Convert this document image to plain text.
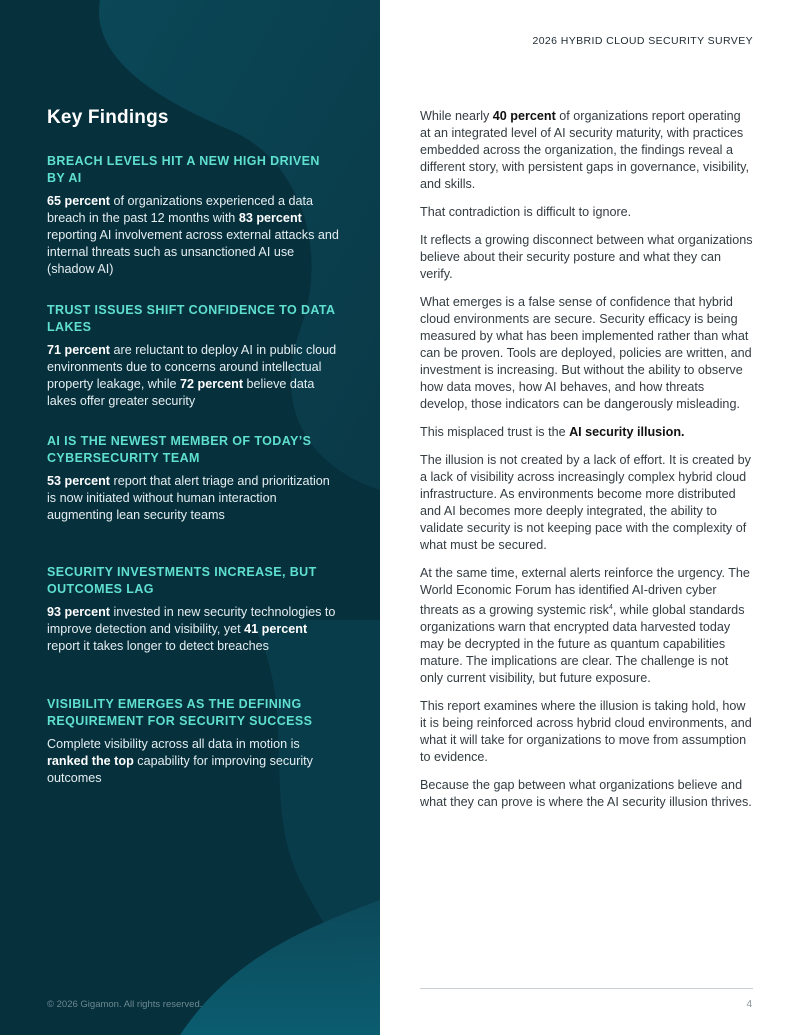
Key Findings
BREACH LEVELS HIT A NEW HIGH DRIVEN BY AI

65 percent of organizations experienced a data breach in the past 12 months with 83 percent reporting AI involvement across external attacks and internal threats such as unsanctioned AI use (shadow AI)

TRUST ISSUES SHIFT CONFIDENCE TO DATA LAKES

71 percent are reluctant to deploy AI in public cloud environments due to concerns around intellectual property leakage, while 72 percent believe data lakes offer greater security

AI IS THE NEWEST MEMBER OF TODAY’S CYBERSECURITY TEAM

53 percent report that alert triage and prioritization is now initiated without human interaction augmenting lean security teams

SECURITY INVESTMENTS INCREASE, BUT OUTCOMES LAG

93 percent invested in new security technologies to improve detection and visibility, yet 41 percent report it takes longer to detect breaches

VISIBILITY EMERGES AS THE DEFINING REQUIREMENT FOR SECURITY SUCCESS

Complete visibility across all data in motion is ranked the top capability for improving security outcomes

© 2026 Gigamon. All rights reserved.
2026 HYBRID CLOUD SECURITY SURVEY

While nearly 40 percent of organizations report operating at an integrated level of AI security maturity, with practices embedded across the organization, the findings reveal a different story, with persistent gaps in governance, visibility, and skills.

That contradiction is difficult to ignore.

It reflects a growing disconnect between what organizations believe about their security posture and what they can verify.

What emerges is a false sense of confidence that hybrid cloud environments are secure. Security efficacy is being measured by what has been implemented rather than what can be proven. Tools are deployed, policies are written, and investment is increasing. But without the ability to observe how data moves, how AI behaves, and how threats develop, those indicators can be dangerously misleading.

This misplaced trust is the AI security illusion.

The illusion is not created by a lack of effort. It is created by a lack of visibility across increasingly complex hybrid cloud infrastructure. As environments become more distributed and AI becomes more deeply integrated, the ability to validate security is not keeping pace with the complexity of what must be secured.

At the same time, external alerts reinforce the urgency. The World Economic Forum has identified AI-driven cyber threats as a growing systemic risk$^4$, while global standards organizations warn that encrypted data harvested today may be decrypted in the future as quantum capabilities mature. The implications are clear. The challenge is not only current visibility, but future exposure.

This report examines where the illusion is taking hold, how it is being reinforced across hybrid cloud environments, and what it will take for organizations to move from assumption to evidence.

Because the gap between what organizations believe and what they can prove is where the AI security illusion thrives.

4
